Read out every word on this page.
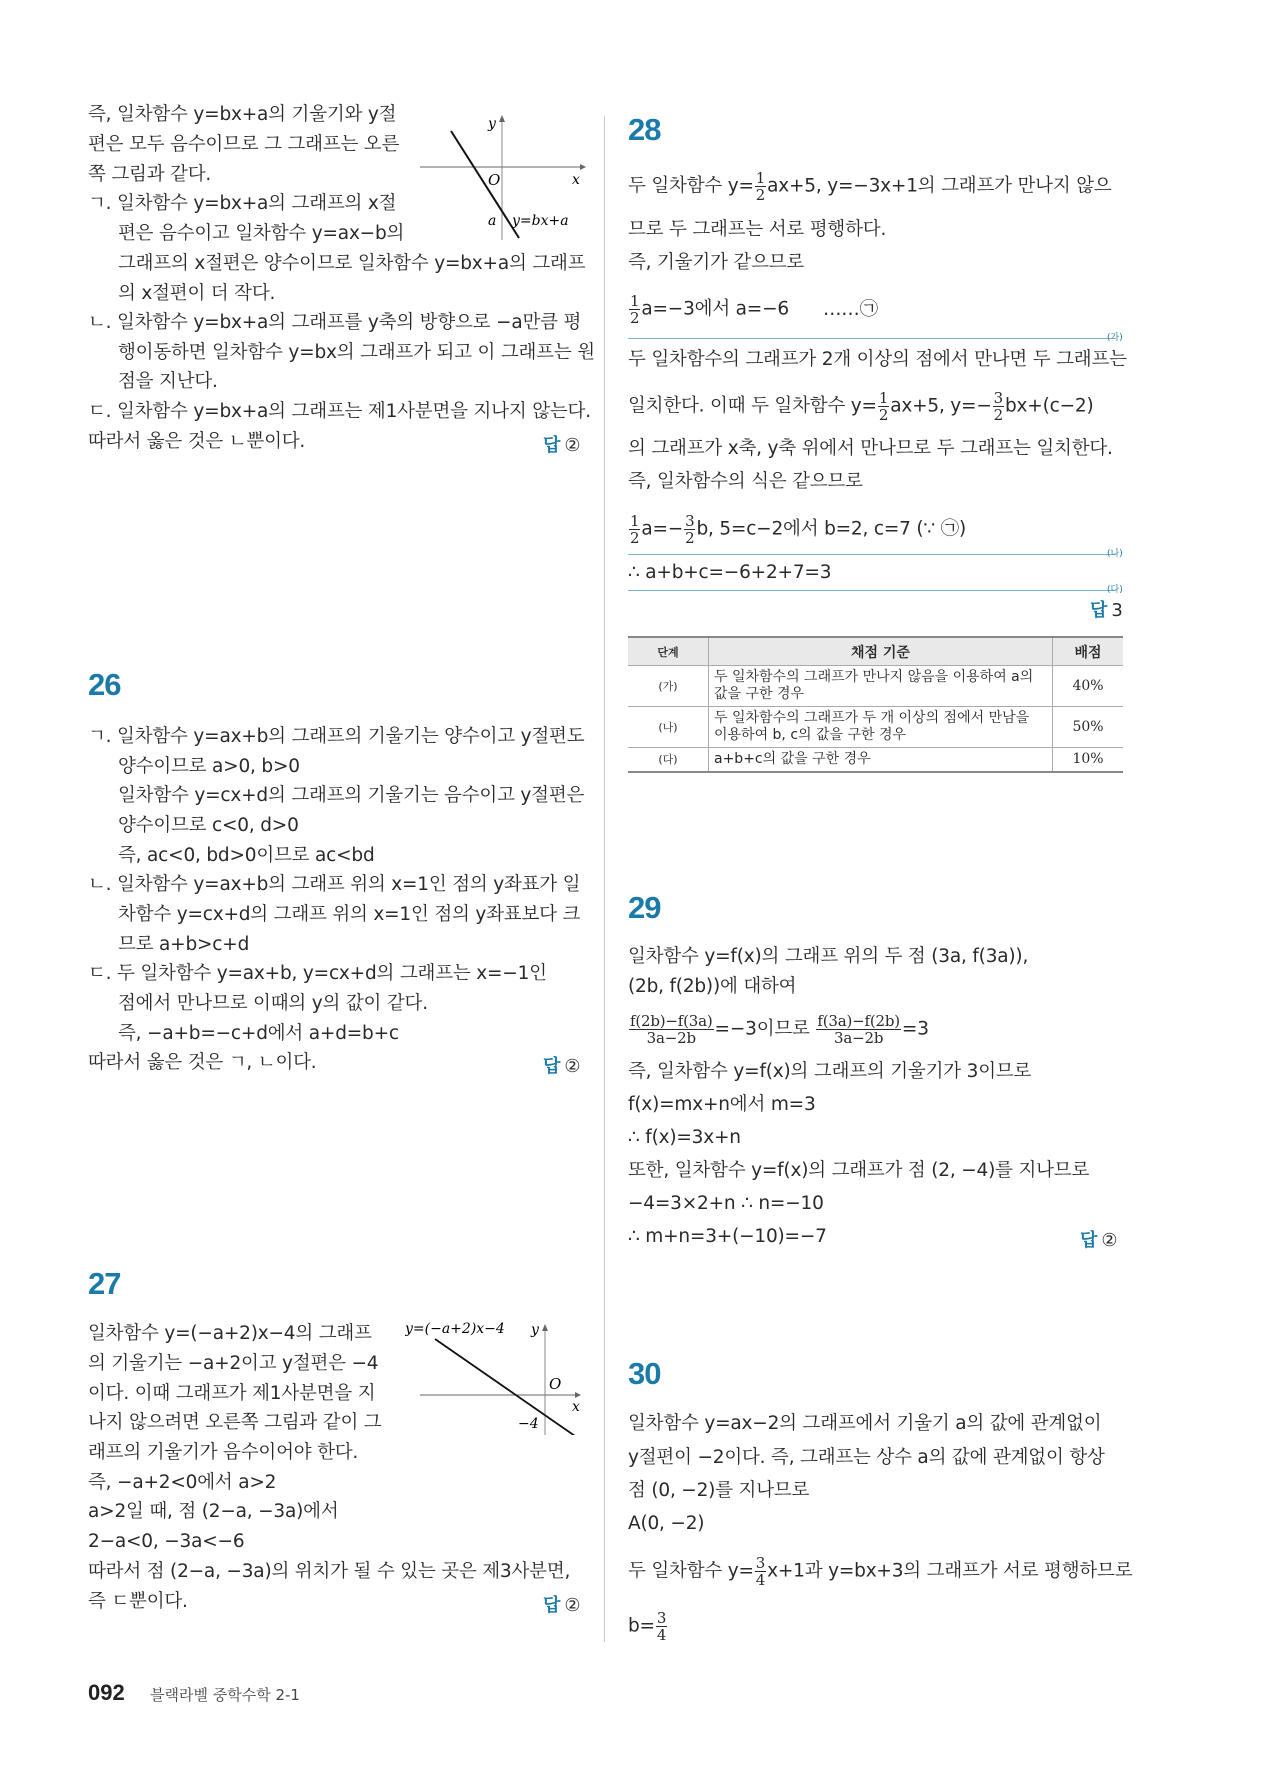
즉, 일차함수 y=bx+a의 기울기와 y절
편은 모두 음수이므로 그 그래프는 오른
쪽 그림과 같다.
ㄱ. 일차함수 y=bx+a의 그래프의 x절
편은 음수이고 일차함수 y=ax−b의
그래프의 x절편은 양수이므로 일차함수 y=bx+a의 그래프
의 x절편이 더 작다.
ㄴ. 일차함수 y=bx+a의 그래프를 y축의 방향으로 −a만큼 평
행이동하면 일차함수 y=bx의 그래프가 되고 이 그래프는 원
점을 지난다.
ㄷ. 일차함수 y=bx+a의 그래프는 제1사분면을 지나지 않는다.
따라서 옳은 것은 ㄴ뿐이다.	답 ②
y
x
O
a y=bx+a
26
ㄱ. 일차함수 y=ax+b의 그래프의 기울기는 양수이고 y절편도
양수이므로 a>0, b>0
일차함수 y=cx+d의 그래프의 기울기는 음수이고 y절편은
양수이므로 c<0, d>0
즉, ac<0, bd>0이므로 ac<bd
ㄴ. 일차함수 y=ax+b의 그래프 위의 x=1인 점의 y좌표가 일
차함수 y=cx+d의 그래프 위의 x=1인 점의 y좌표보다 크
므로 a+b>c+d
ㄷ. 두 일차함수 y=ax+b, y=cx+d의 그래프는 x=−1인
점에서 만나므로 이때의 y의 값이 같다.
즉, −a+b=−c+d에서 a+d=b+c
따라서 옳은 것은 ㄱ, ㄴ이다.	답 ②
27
일차함수 y=(−a+2)x−4의 그래프
의 기울기는 −a+2이고 y절편은 −4
이다. 이때 그래프가 제1사분면을 지
나지 않으려면 오른쪽 그림과 같이 그
래프의 기울기가 음수이어야 한다.
즉, −a+2<0에서 a>2
a>2일 때, 점 (2−a, −3a)에서
2−a<0, −3a<−6
따라서 점 (2−a, −3a)의 위치가 될 수 있는 곳은 제3사분면,
즉 ㄷ뿐이다.	답 ②
y=(−a+2)x−4 y
O
x
−4
28
두 일차함수 $y= \frac{1}{2} ax+5$, y=−3x+1의 그래프가 만나지 않으
므로 두 그래프는 서로 평행하다.
즉, 기울기가 같으므로
$\frac{1}{2} a=-3$에서 a=−6 ……㉠
(가)
두 일차함수의 그래프가 2개 이상의 점에서 만나면 두 그래프는
일치한다. 이때 두 일차함수 $y= \frac{1}{2} ax+5$, $y=- \frac{3}{2} bx+(c-2)$
의 그래프가 x축, y축 위에서 만나므로 두 그래프는 일치한다.
즉, 일차함수의 식은 같으므로
$\frac{1}{2} a=- \frac{3}{2} b$, 5=c−2에서 b=2, c=7 (∵ ㉠)
(나)
∴ a+b+c=−6+2+7=3
(다)
답 3
단계	채점 기준	배점
(가)	두 일차함수의 그래프가 만나지 않음을 이용하여 a의 값을 구한 경우	40%
(나)	두 일차함수의 그래프가 두 개 이상의 점에서 만남을 이용하여 b, c의 값을 구한 경우	50%
(다)	a+b+c의 값을 구한 경우	10%
29
일차함수 y=f(x)의 그래프 위의 두 점 (3a, f(3a)),
(2b, f(2b))에 대하여
$\frac{f(2b)-f(3a)}{3a-2b} =-3$이므로 $\frac{f(3a)-f(2b)}{3a-2b} =3$
즉, 일차함수 y=f(x)의 그래프의 기울기가 3이므로
f(x)=mx+n에서 m=3
∴ f(x)=3x+n
또한, 일차함수 y=f(x)의 그래프가 점 (2, −4)를 지나므로
−4=3×2+n ∴ n=−10
∴ m+n=3+(−10)=−7	답 ②
30
일차함수 y=ax−2의 그래프에서 기울기 a의 값에 관계없이
y절편이 −2이다. 즉, 그래프는 상수 a의 값에 관계없이 항상
점 (0, −2)를 지나므로
A(0, −2)
두 일차함수 $y= \frac{3}{4} x+1$과 y=bx+3의 그래프가 서로 평행하므로
$b= \frac{3}{4}$
092 블랙라벨 중학수학 2-1
